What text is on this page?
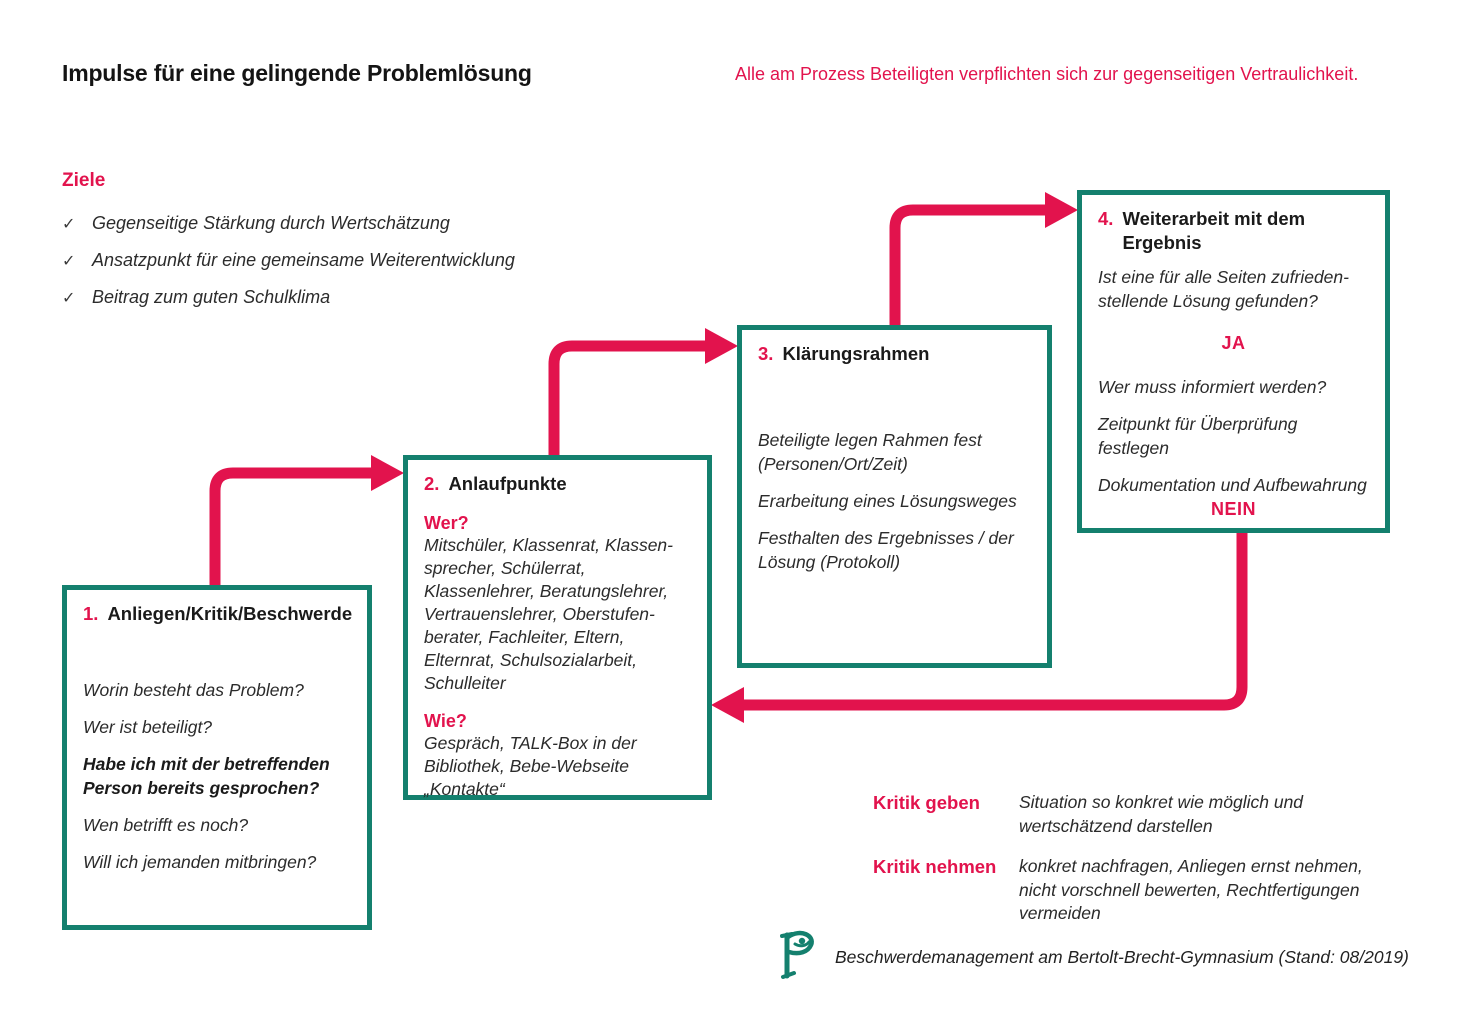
Impulse für eine gelingende Problemlösung	Alle am Prozess Beteiligten verpflichten sich zur gegenseitigen Vertraulichkeit.
Ziele
✓ Gegenseitige Stärkung durch Wertschätzung
✓ Ansatzpunkt für eine gemeinsame Weiterentwicklung
✓ Beitrag zum guten Schulklima
1. Anliegen/Kritik/Beschwerde

Worin besteht das Problem?

Wer ist beteiligt?

Habe ich mit der betreffenden Person bereits gesprochen?

Wen betrifft es noch?

Will ich jemanden mitbringen?

2. Anlaufpunkte
Wer?

Mitschüler, Klassenrat, Klassen-sprecher, Schülerrat, Klassenlehrer, Beratungslehrer, Vertrauenslehrer, Oberstufen-berater, Fachleiter, Eltern, Elternrat, Schulsozialarbeit, Schulleiter

Wie?

Gespräch, TALK-Box in der Bibliothek, Bebe-Webseite „Kontakte“

3. Klärungsrahmen

Beteiligte legen Rahmen fest (Personen/Ort/Zeit)

Erarbeitung eines Lösungsweges

Festhalten des Ergebnisses / der Lösung (Protokoll)

4. Weiterarbeit mit dem Ergebnis

Ist eine für alle Seiten zufrieden-stellende Lösung gefunden?

JA

Wer muss informiert werden?

Zeitpunkt für Überprüfung festlegen

Dokumentation und Aufbewahrung

NEIN
Kritik geben	Situation so konkret wie möglich und wertschätzend darstellen
Kritik nehmen	konkret nachfragen, Anliegen ernst nehmen, nicht vorschnell bewerten, Rechtfertigungen vermeiden
Beschwerdemanagement am Bertolt-Brecht-Gymnasium (Stand: 08/2019)
